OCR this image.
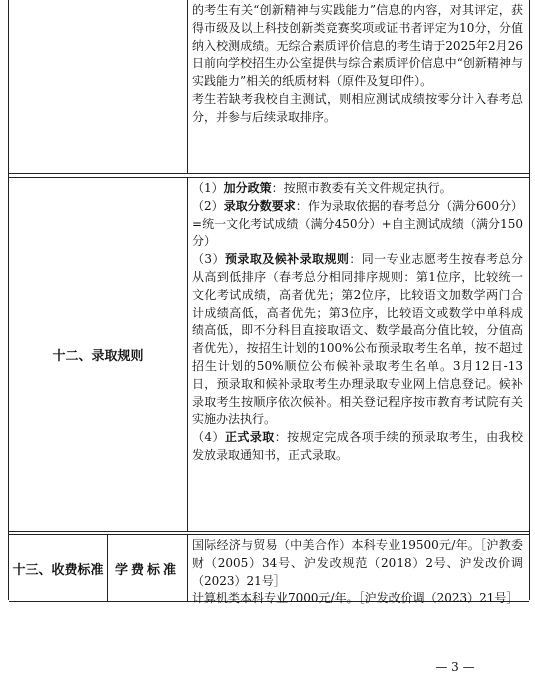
的考生有关“创新精神与实践能力”信息的内容，对其评定，获得市级及以上科技创新类竞赛奖项或证书者评定为10分，分值纳入校测成绩。无综合素质评价信息的考生请于2025年2月26日前向学校招生办公室提供与综合素质评价信息中“创新精神与实践能力”相关的纸质材料（原件及复印件）。

考生若缺考我校自主测试，则相应测试成绩按零分计入春考总分，并参与后续录取排序。

十二、录取规则

（1）加分政策：按照市教委有关文件规定执行。

（2）录取分数要求：作为录取依据的春考总分（满分600分）=统一文化考试成绩（满分450分）+自主测试成绩（满分150分）

（3）预录取及候补录取规则：同一专业志愿考生按春考总分从高到低排序（春考总分相同排序规则：第1位序，比较统一文化考试成绩，高者优先；第2位序，比较语文加数学两门合计成绩高低，高者优先；第3位序，比较语文或数学中单科成绩高低，即不分科目直接取语文、数学最高分值比较，分值高者优先），按招生计划的100%公布预录取考生名单，按不超过招生计划的50%顺位公布候补录取考生名单。3月12日-13日，预录取和候补录取考生办理录取专业网上信息登记。候补录取考生按顺序依次候补。相关登记程序按市教育考试院有关实施办法执行。

（4）正式录取：按规定完成各项手续的预录取考生，由我校发放录取通知书，正式录取。

十三、收费标准 学费标准

国际经济与贸易（中美合作）本科专业19500元/年。［沪教委财（2005）34号、沪发改规范（2018）2号、沪发改价调（2023）21号］

计算机类本科专业7000元/年。［沪发改价调（2023）21号］

— 3 —
